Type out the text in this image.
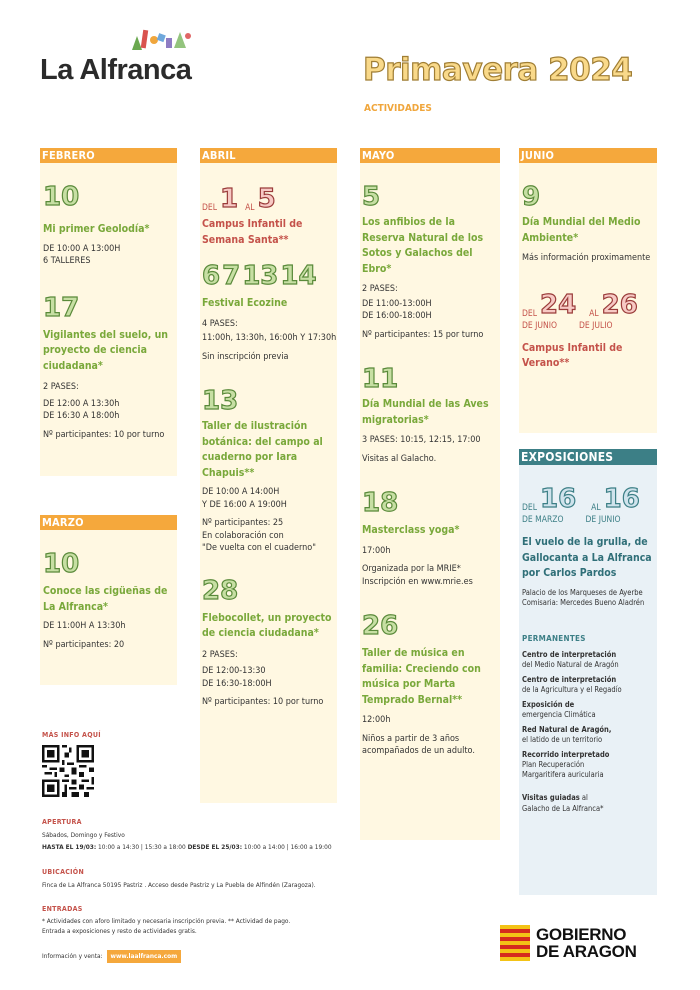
La Alfranca	Primavera 2024
ACTIVIDADES
FEBRERO
10
Mi primer Geolodía*
DE 10:00 A 13:00H
6 TALLERES
17
Vigilantes del suelo, un proyecto de ciencia ciudadana*
2 PASES:
DE 12:00 A 13:30h
DE 16:30 A 18:00h
Nº participantes: 10 por turno
MARZO
10
Conoce las cigüeñas de La Alfranca*
DE 11:00H A 13:30h
Nº participantes: 20
ABRIL
DEL 1 AL 5
Campus Infantil de Semana Santa**
6 7 13 14
Festival Ecozine
4 PASES:
11:00h, 13:30h, 16:00h Y 17:30h
Sin inscripción previa
13
Taller de ilustración botánica: del campo al cuaderno por Iara Chapuis**
DE 10:00 A 14:00H
Y DE 16:00 A 19:00H
Nº participantes: 25
En colaboración con
"De vuelta con el cuaderno"
28
Flebocollet, un proyecto de ciencia ciudadana*
2 PASES:
DE 12:00-13:30
DE 16:30-18:00H
Nº participantes: 10 por turno
MAYO
5
Los anfibios de la Reserva Natural de los Sotos y Galachos del Ebro*
2 PASES:
DE 11:00-13:00H
DE 16:00-18:00H
Nº participantes: 15 por turno
11
Día Mundial de las Aves migratorias*
3 PASES: 10:15, 12:15, 17:00
Visitas al Galacho.
18
Masterclass yoga*
17:00h
Organizada por la MRIE*
Inscripción en www.mrie.es
26
Taller de música en familia: Creciendo con música por Marta Temprado Bernal**
12:00h
Niños a partir de 3 años
acompañados de un adulto.
JUNIO
9
Día Mundial del Medio Ambiente*
Más información proximamente
DEL 24 AL 26
DE JUNIO	DE JULIO
Campus Infantil de Verano**
EXPOSICIONES
DEL 16 AL 16
DE MARZO	DE JUNIO
El vuelo de la grulla, de Gallocanta a La Alfranca por Carlos Pardos
Palacio de los Marqueses de Ayerbe
Comisaria: Mercedes Bueno Aladrén
PERMANENTES
Centro de interpretación
del Medio Natural de Aragón
Centro de interpretación
de la Agricultura y el Regadío
Exposición de
emergencia Climática
Red Natural de Aragón,
el latido de un territorio
Recorrido interpretado
Plan Recuperación
Margaritifera auricularia
Visitas guiadas al
Galacho de La Alfranca*
MÁS INFO AQUÍ
APERTURA
Sábados, Domingo y Festivo
HASTA EL 19/03: 10:00 a 14:30 | 15:30 a 18:00 DESDE EL 25/03: 10:00 a 14:00 | 16:00 a 19:00
UBICACIÓN
Finca de La Alfranca 50195 Pastriz . Acceso desde Pastriz y La Puebla de Alfindén (Zaragoza).
ENTRADAS
* Actividades con aforo limitado y necesaria inscripción previa. ** Actividad de pago.
Entrada a exposiciones y resto de actividades gratis.
Información y venta:	www.laalfranca.com
GOBIERNO
DE ARAGON
